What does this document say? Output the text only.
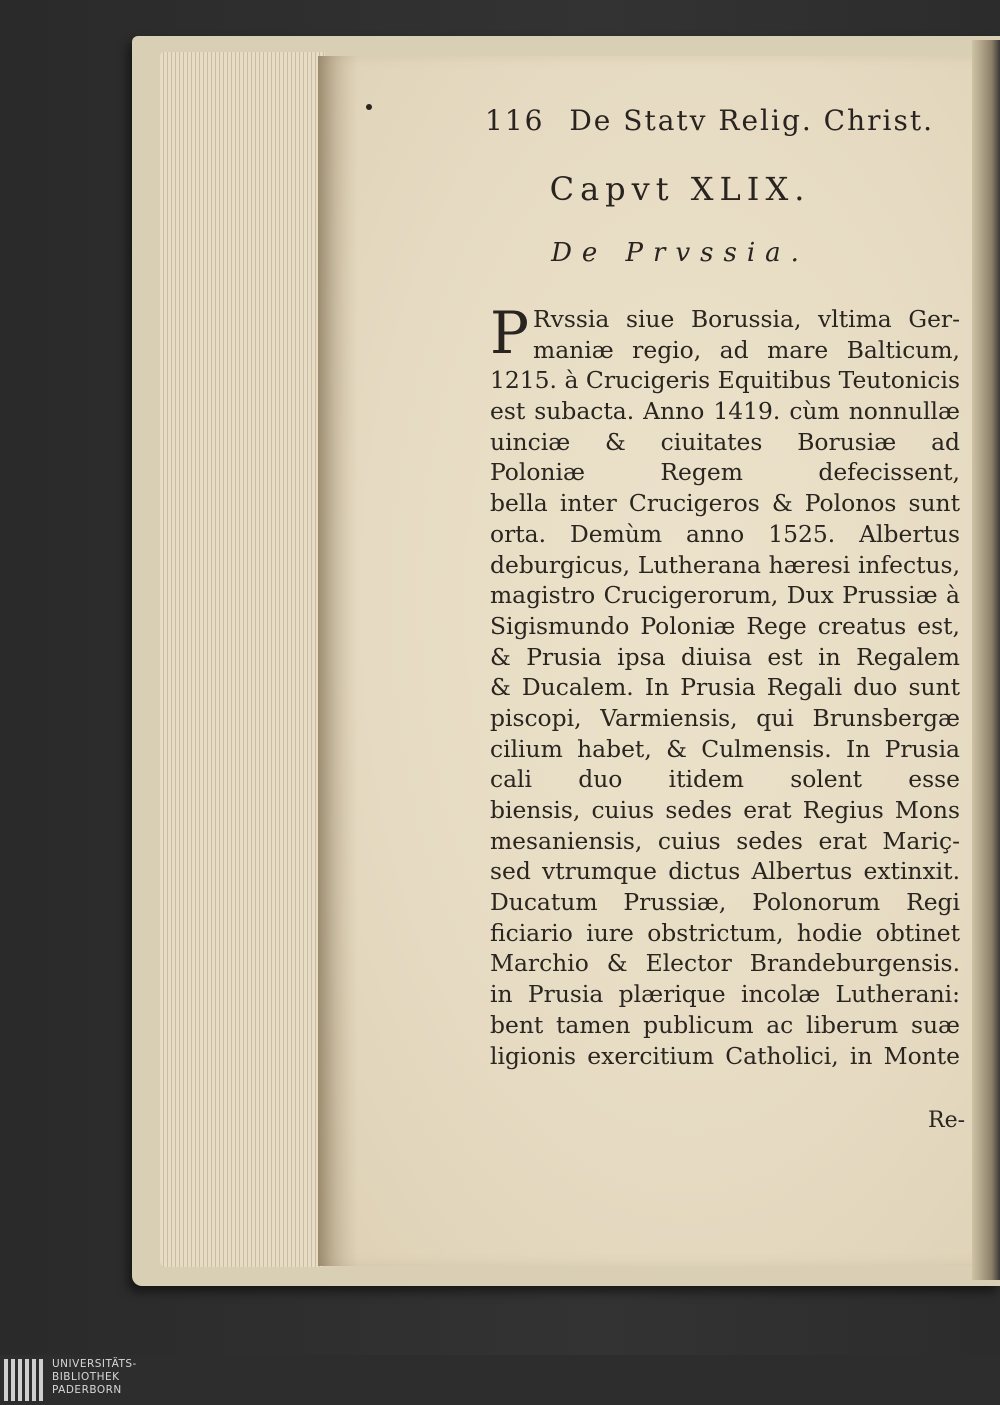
116 De Statv Relig. Christ.
Capvt XLIX.
De Prvssia.
P Rvssia siue Borussia, vltima Ger-
maniæ regio, ad mare Balticum,
1215. à Crucigeris Equitibus Teutonicis
est subacta. Anno 1419. cùm nonnullæ
uinciæ & ciuitates Borusiæ ad
Poloniæ Regem defecissent,
bella inter Crucigeros & Polonos sunt
orta. Demùm anno 1525. Albertus
deburgicus, Lutherana hæresi infectus,
magistro Crucigerorum, Dux Prussiæ à
Sigismundo Poloniæ Rege creatus est,
& Prusia ipsa diuisa est in Regalem
& Ducalem. In Prusia Regali duo sunt
piscopi, Varmiensis, qui Brunsbergæ
cilium habet, & Culmensis. In Prusia
cali duo itidem solent esse
biensis, cuius sedes erat Regius Mons
mesaniensis, cuius sedes erat Mariç-
sed vtrumque dictus Albertus extinxit.
Ducatum Prussiæ, Polonorum Regi
ficiario iure obstrictum, hodie obtinet
Marchio & Elector Brandeburgensis.
in Prusia plærique incolæ Lutherani:
bent tamen publicum ac liberum suæ
ligionis exercitium Catholici, in Monte
Re-
UNIVERSITÄTS-
BIBLIOTHEK
PADERBORN
